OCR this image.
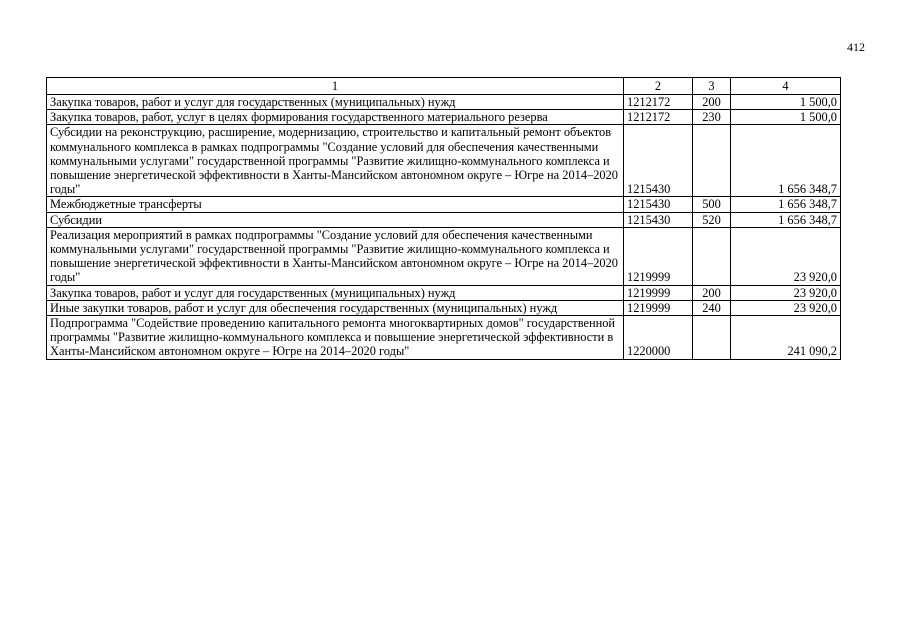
412
1	2	3	4
Закупка товаров, работ и услуг для государственных (муниципальных) нужд	1212172	200	1 500,0
Закупка товаров, работ, услуг в целях формирования государственного материального резерва	1212172	230	1 500,0
Субсидии на реконструкцию, расширение, модернизацию, строительство и капитальный ремонт объектов коммунального комплекса в рамках подпрограммы "Создание условий для обеспечения качественными коммунальными услугами" государственной программы "Развитие жилищно-коммунального комплекса и повышение энергетической эффективности в Ханты-Мансийском автономном округе – Югре на 2014–2020 годы"	1215430		1 656 348,7
Межбюджетные трансферты	1215430	500	1 656 348,7
Субсидии	1215430	520	1 656 348,7
Реализация мероприятий в рамках подпрограммы "Создание условий для обеспечения качественными коммунальными услугами" государственной программы "Развитие жилищно-коммунального комплекса и повышение энергетической эффективности в Ханты-Мансийском автономном округе – Югре на 2014–2020 годы"	1219999		23 920,0
Закупка товаров, работ и услуг для государственных (муниципальных) нужд	1219999	200	23 920,0
Иные закупки товаров, работ и услуг для обеспечения государственных (муниципальных) нужд	1219999	240	23 920,0
Подпрограмма "Содействие проведению капитального ремонта многоквартирных домов" государственной программы "Развитие жилищно-коммунального комплекса и повышение энергетической эффективности в Ханты-Мансийском автономном округе – Югре на 2014–2020 годы"	1220000		241 090,2
